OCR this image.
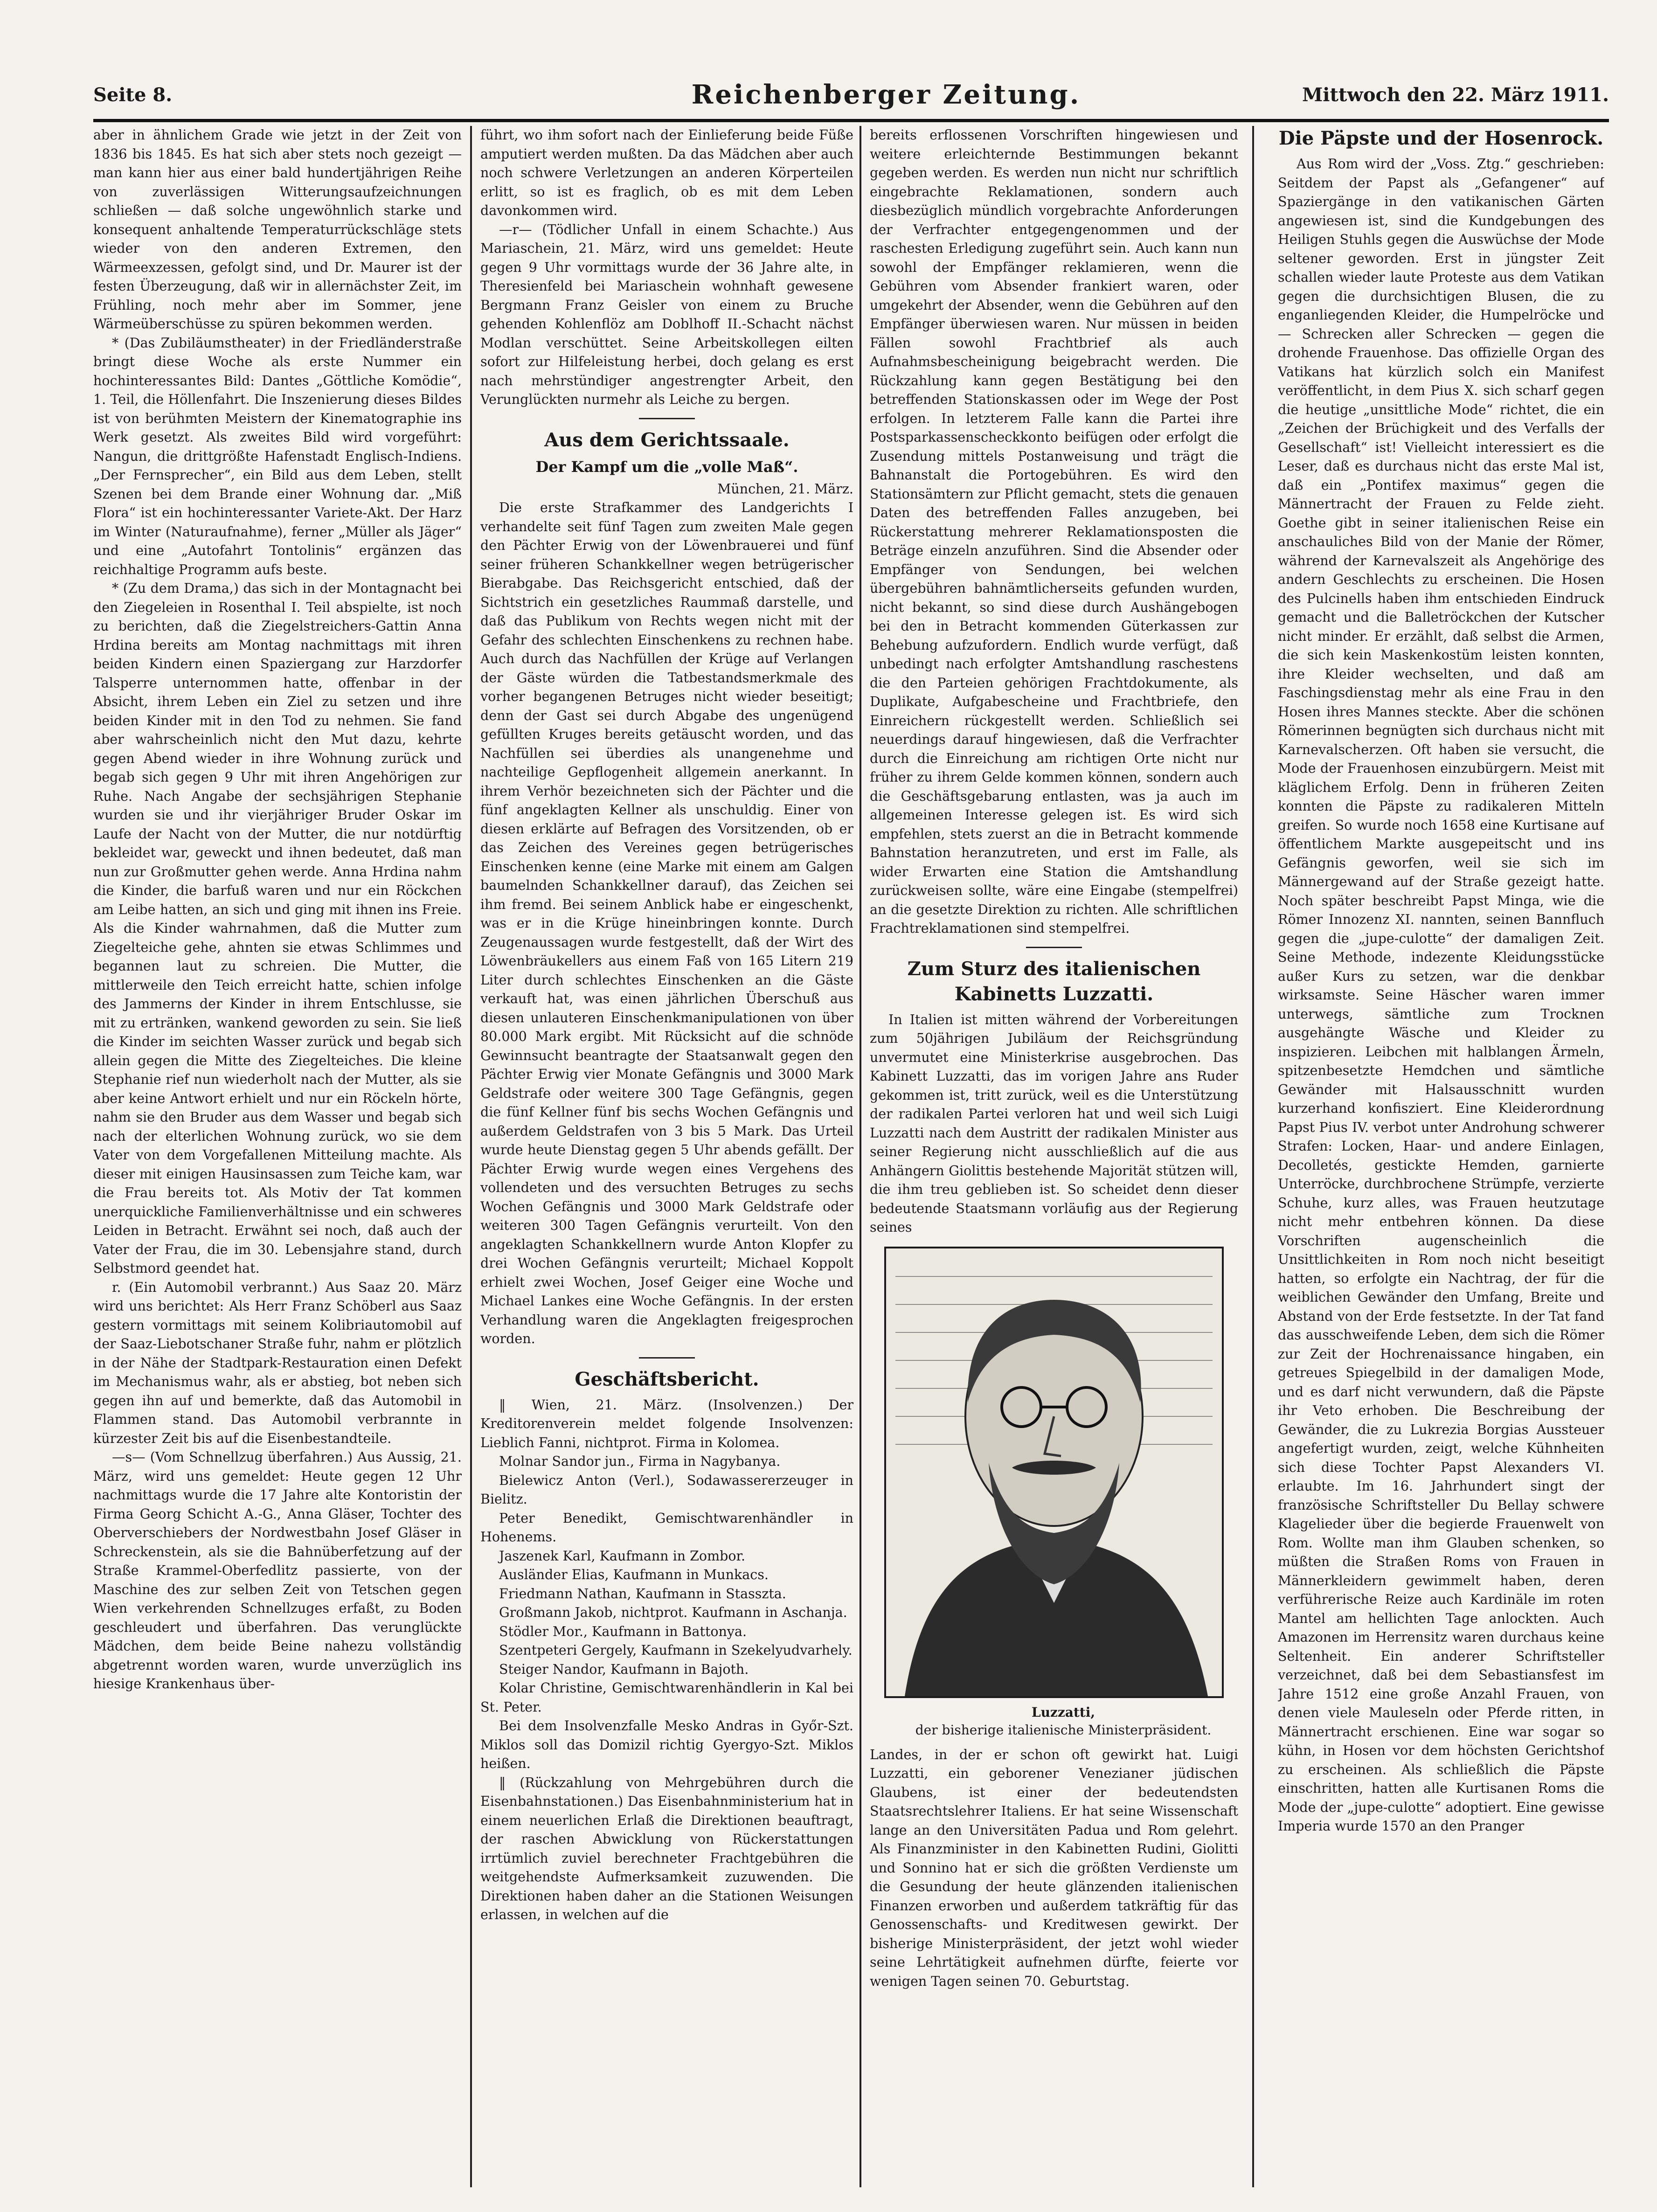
Seite 8.	Reichenberger Zeitung.	Mittwoch den 22. März 1911.

aber in ähnlichem Grade wie jetzt in der Zeit von 1836 bis 1845. Es hat sich aber stets noch gezeigt — man kann hier aus einer bald hundertjährigen Reihe von zuverlässigen Witterungsaufzeichnungen schließen — daß solche ungewöhnlich starke und konsequent anhaltende Temperaturrückschläge stets wieder von den anderen Extremen, den Wärmeexzessen, gefolgt sind, und Dr. Maurer ist der festen Überzeugung, daß wir in allernächster Zeit, im Frühling, noch mehr aber im Sommer, jene Wärmeüberschüsse zu spüren bekommen werden.

* (Das Zubiläumstheater) in der Friedländerstraße bringt diese Woche als erste Nummer ein hochinteressantes Bild: Dantes „Göttliche Komödie“, 1. Teil, die Höllenfahrt. Die Inszenierung dieses Bildes ist von berühmten Meistern der Kinematographie ins Werk gesetzt. Als zweites Bild wird vorgeführt: Nangun, die drittgrößte Hafenstadt Englisch-Indiens. „Der Fernsprecher“, ein Bild aus dem Leben, stellt Szenen bei dem Brande einer Wohnung dar. „Miß Flora“ ist ein hochinteressanter Variete-Akt. Der Harz im Winter (Naturaufnahme), ferner „Müller als Jäger“ und eine „Autofahrt Tontolinis“ ergänzen das reichhaltige Programm aufs beste.

* (Zu dem Drama,) das sich in der Montagnacht bei den Ziegeleien in Rosenthal I. Teil abspielte, ist noch zu berichten, daß die Ziegelstreichers-Gattin Anna Hrdina bereits am Montag nachmittags mit ihren beiden Kindern einen Spaziergang zur Harzdorfer Talsperre unternommen hatte, offenbar in der Absicht, ihrem Leben ein Ziel zu setzen und ihre beiden Kinder mit in den Tod zu nehmen. Sie fand aber wahrscheinlich nicht den Mut dazu, kehrte gegen Abend wieder in ihre Wohnung zurück und begab sich gegen 9 Uhr mit ihren Angehörigen zur Ruhe. Nach Angabe der sechsjährigen Stephanie wurden sie und ihr vierjähriger Bruder Oskar im Laufe der Nacht von der Mutter, die nur notdürftig bekleidet war, geweckt und ihnen bedeutet, daß man nun zur Großmutter gehen werde. Anna Hrdina nahm die Kinder, die barfuß waren und nur ein Röckchen am Leibe hatten, an sich und ging mit ihnen ins Freie. Als die Kinder wahrnahmen, daß die Mutter zum Ziegelteiche gehe, ahnten sie etwas Schlimmes und begannen laut zu schreien. Die Mutter, die mittlerweile den Teich erreicht hatte, schien infolge des Jammerns der Kinder in ihrem Entschlusse, sie mit zu ertränken, wankend geworden zu sein. Sie ließ die Kinder im seichten Wasser zurück und begab sich allein gegen die Mitte des Ziegelteiches. Die kleine Stephanie rief nun wiederholt nach der Mutter, als sie aber keine Antwort erhielt und nur ein Röckeln hörte, nahm sie den Bruder aus dem Wasser und begab sich nach der elterlichen Wohnung zurück, wo sie dem Vater von dem Vorgefallenen Mitteilung machte. Als dieser mit einigen Hausinsassen zum Teiche kam, war die Frau bereits tot. Als Motiv der Tat kommen unerquickliche Familienverhältnisse und ein schweres Leiden in Betracht. Erwähnt sei noch, daß auch der Vater der Frau, die im 30. Lebensjahre stand, durch Selbstmord geendet hat.

r. (Ein Automobil verbrannt.) Aus Saaz 20. März wird uns berichtet: Als Herr Franz Schöberl aus Saaz gestern vormittags mit seinem Kolibriautomobil auf der Saaz-Liebotschaner Straße fuhr, nahm er plötzlich in der Nähe der Stadtpark-Restauration einen Defekt im Mechanismus wahr, als er abstieg, bot neben sich gegen ihn auf und bemerkte, daß das Automobil in Flammen stand. Das Automobil verbrannte in kürzester Zeit bis auf die Eisenbestandteile.

—s— (Vom Schnellzug überfahren.) Aus Aussig, 21. März, wird uns gemeldet: Heute gegen 12 Uhr nachmittags wurde die 17 Jahre alte Kontoristin der Firma Georg Schicht A.-G., Anna Gläser, Tochter des Oberverschiebers der Nordwestbahn Josef Gläser in Schreckenstein, als sie die Bahnüberfetzung auf der Straße Krammel-Oberfedlitz passierte, von der Maschine des zur selben Zeit von Tetschen gegen Wien verkehrenden Schnellzuges erfaßt, zu Boden geschleudert und überfahren. Das verunglückte Mädchen, dem beide Beine nahezu vollständig abgetrennt worden waren, wurde unverzüglich ins hiesige Krankenhaus über-

führt, wo ihm sofort nach der Einlieferung beide Füße amputiert werden mußten. Da das Mädchen aber auch noch schwere Verletzungen an anderen Körperteilen erlitt, so ist es fraglich, ob es mit dem Leben davonkommen wird.

—r— (Tödlicher Unfall in einem Schachte.) Aus Mariaschein, 21. März, wird uns gemeldet: Heute gegen 9 Uhr vormittags wurde der 36 Jahre alte, in Theresienfeld bei Mariaschein wohnhaft gewesene Bergmann Franz Geisler von einem zu Bruche gehenden Kohlenflöz am Doblhoff II.-Schacht nächst Modlan verschüttet. Seine Arbeitskollegen eilten sofort zur Hilfeleistung herbei, doch gelang es erst nach mehrstündiger angestrengter Arbeit, den Verunglückten nurmehr als Leiche zu bergen.

Aus dem Gerichtssaale.

Der Kampf um die „volle Maß“.

München, 21. März.

Die erste Strafkammer des Landgerichts I verhandelte seit fünf Tagen zum zweiten Male gegen den Pächter Erwig von der Löwenbrauerei und fünf seiner früheren Schankkellner wegen betrügerischer Bierabgabe. Das Reichsgericht entschied, daß der Sichtstrich ein gesetzliches Raummaß darstelle, und daß das Publikum von Rechts wegen nicht mit der Gefahr des schlechten Einschenkens zu rechnen habe. Auch durch das Nachfüllen der Krüge auf Verlangen der Gäste würden die Tatbestandsmerkmale des vorher begangenen Betruges nicht wieder beseitigt; denn der Gast sei durch Abgabe des ungenügend gefüllten Kruges bereits getäuscht worden, und das Nachfüllen sei überdies als unangenehme und nachteilige Gepflogenheit allgemein anerkannt. In ihrem Verhör bezeichneten sich der Pächter und die fünf angeklagten Kellner als unschuldig. Einer von diesen erklärte auf Befragen des Vorsitzenden, ob er das Zeichen des Vereines gegen betrügerisches Einschenken kenne (eine Marke mit einem am Galgen baumelnden Schankkellner darauf), das Zeichen sei ihm fremd. Bei seinem Anblick habe er eingeschenkt, was er in die Krüge hineinbringen konnte. Durch Zeugenaussagen wurde festgestellt, daß der Wirt des Löwenbräukellers aus einem Faß von 165 Litern 219 Liter durch schlechtes Einschenken an die Gäste verkauft hat, was einen jährlichen Überschuß aus diesen unlauteren Einschenkmanipulationen von über 80.000 Mark ergibt. Mit Rücksicht auf die schnöde Gewinnsucht beantragte der Staatsanwalt gegen den Pächter Erwig vier Monate Gefängnis und 3000 Mark Geldstrafe oder weitere 300 Tage Gefängnis, gegen die fünf Kellner fünf bis sechs Wochen Gefängnis und außerdem Geldstrafen von 3 bis 5 Mark. Das Urteil wurde heute Dienstag gegen 5 Uhr abends gefällt. Der Pächter Erwig wurde wegen eines Vergehens des vollendeten und des versuchten Betruges zu sechs Wochen Gefängnis und 3000 Mark Geldstrafe oder weiteren 300 Tagen Gefängnis verurteilt. Von den angeklagten Schankkellnern wurde Anton Klopfer zu drei Wochen Gefängnis verurteilt; Michael Koppolt erhielt zwei Wochen, Josef Geiger eine Woche und Michael Lankes eine Woche Gefängnis. In der ersten Verhandlung waren die Angeklagten freigesprochen worden.

Geschäftsbericht.

‖ Wien, 21. März. (Insolvenzen.) Der Kreditorenverein meldet folgende Insolvenzen: Lieblich Fanni, nichtprot. Firma in Kolomea.

Molnar Sandor jun., Firma in Nagybanya.

Bielewicz Anton (Verl.), Sodawassererzeuger in Bielitz.

Peter Benedikt, Gemischtwarenhändler in Hohenems.

Jaszenek Karl, Kaufmann in Zombor.

Ausländer Elias, Kaufmann in Munkacs.

Friedmann Nathan, Kaufmann in Stasszta.

Großmann Jakob, nichtprot. Kaufmann in Aschanja.

Stödler Mor., Kaufmann in Battonya.

Szentpeteri Gergely, Kaufmann in Szekelyudvarhely.

Steiger Nandor, Kaufmann in Bajoth.

Kolar Christine, Gemischtwarenhändlerin in Kal bei St. Peter.

Bei dem Insolvenzfalle Mesko Andras in Győr-Szt. Miklos soll das Domizil richtig Gyergyo-Szt. Miklos heißen.

‖ (Rückzahlung von Mehrgebühren durch die Eisenbahnstationen.) Das Eisenbahnministerium hat in einem neuerlichen Erlaß die Direktionen beauftragt, der raschen Abwicklung von Rückerstattungen irrtümlich zuviel berechneter Frachtgebühren die weitgehendste Aufmerksamkeit zuzuwenden. Die Direktionen haben daher an die Stationen Weisungen erlassen, in welchen auf die

bereits erflossenen Vorschriften hingewiesen und weitere erleichternde Bestimmungen bekannt gegeben werden. Es werden nun nicht nur schriftlich eingebrachte Reklamationen, sondern auch diesbezüglich mündlich vorgebrachte Anforderungen der Verfrachter entgegengenommen und der raschesten Erledigung zugeführt sein. Auch kann nun sowohl der Empfänger reklamieren, wenn die Gebühren vom Absender frankiert waren, oder umgekehrt der Absender, wenn die Gebühren auf den Empfänger überwiesen waren. Nur müssen in beiden Fällen sowohl Frachtbrief als auch Aufnahmsbescheinigung beigebracht werden. Die Rückzahlung kann gegen Bestätigung bei den betreffenden Stationskassen oder im Wege der Post erfolgen. In letzterem Falle kann die Partei ihre Postsparkassenscheckkonto beifügen oder erfolgt die Zusendung mittels Postanweisung und trägt die Bahnanstalt die Portogebühren. Es wird den Stationsämtern zur Pflicht gemacht, stets die genauen Daten des betreffenden Falles anzugeben, bei Rückerstattung mehrerer Reklamationsposten die Beträge einzeln anzuführen. Sind die Absender oder Empfänger von Sendungen, bei welchen übergebühren bahnämtlicherseits gefunden wurden, nicht bekannt, so sind diese durch Aushängebogen bei den in Betracht kommenden Güterkassen zur Behebung aufzufordern. Endlich wurde verfügt, daß unbedingt nach erfolgter Amtshandlung raschestens die den Parteien gehörigen Frachtdokumente, als Duplikate, Aufgabescheine und Frachtbriefe, den Einreichern rückgestellt werden. Schließlich sei neuerdings darauf hingewiesen, daß die Verfrachter durch die Einreichung am richtigen Orte nicht nur früher zu ihrem Gelde kommen können, sondern auch die Geschäftsgebarung entlasten, was ja auch im allgemeinen Interesse gelegen ist. Es wird sich empfehlen, stets zuerst an die in Betracht kommende Bahnstation heranzutreten, und erst im Falle, als wider Erwarten eine Station die Amtshandlung zurückweisen sollte, wäre eine Eingabe (stempelfrei) an die gesetzte Direktion zu richten. Alle schriftlichen Frachtreklamationen sind stempelfrei.

Zum Sturz des italienischen Kabinetts Luzzatti.

In Italien ist mitten während der Vorbereitungen zum 50jährigen Jubiläum der Reichsgründung unvermutet eine Ministerkrise ausgebrochen. Das Kabinett Luzzatti, das im vorigen Jahre ans Ruder gekommen ist, tritt zurück, weil es die Unterstützung der radikalen Partei verloren hat und weil sich Luigi Luzzatti nach dem Austritt der radikalen Minister aus seiner Regierung nicht ausschließlich auf die aus Anhängern Giolittis bestehende Majorität stützen will, die ihm treu geblieben ist. So scheidet denn dieser bedeutende Staatsmann vorläufig aus der Regierung seines

Luzzatti,

der bisherige italienische Ministerpräsident.

Landes, in der er schon oft gewirkt hat. Luigi Luzzatti, ein geborener Venezianer jüdischen Glaubens, ist einer der bedeutendsten Staatsrechtslehrer Italiens. Er hat seine Wissenschaft lange an den Universitäten Padua und Rom gelehrt. Als Finanzminister in den Kabinetten Rudini, Giolitti und Sonnino hat er sich die größten Verdienste um die Gesundung der heute glänzenden italienischen Finanzen erworben und außerdem tatkräftig für das Genossenschafts- und Kreditwesen gewirkt. Der bisherige Ministerpräsident, der jetzt wohl wieder seine Lehrtätigkeit aufnehmen dürfte, feierte vor wenigen Tagen seinen 70. Geburtstag.

Die Päpste und der Hosenrock.

Aus Rom wird der „Voss. Ztg.“ geschrieben: Seitdem der Papst als „Gefangener“ auf Spaziergänge in den vatikanischen Gärten angewiesen ist, sind die Kundgebungen des Heiligen Stuhls gegen die Auswüchse der Mode seltener geworden. Erst in jüngster Zeit schallen wieder laute Proteste aus dem Vatikan gegen die durchsichtigen Blusen, die zu enganliegenden Kleider, die Humpelröcke und — Schrecken aller Schrecken — gegen die drohende Frauenhose. Das offizielle Organ des Vatikans hat kürzlich solch ein Manifest veröffentlicht, in dem Pius X. sich scharf gegen die heutige „unsittliche Mode“ richtet, die ein „Zeichen der Brüchigkeit und des Verfalls der Gesellschaft“ ist! Vielleicht interessiert es die Leser, daß es durchaus nicht das erste Mal ist, daß ein „Pontifex maximus“ gegen die Männertracht der Frauen zu Felde zieht. Goethe gibt in seiner italienischen Reise ein anschauliches Bild von der Manie der Römer, während der Karnevalszeit als Angehörige des andern Geschlechts zu erscheinen. Die Hosen des Pulcinells haben ihm entschieden Eindruck gemacht und die Balletröckchen der Kutscher nicht minder. Er erzählt, daß selbst die Armen, die sich kein Maskenkostüm leisten konnten, ihre Kleider wechselten, und daß am Faschingsdienstag mehr als eine Frau in den Hosen ihres Mannes steckte. Aber die schönen Römerinnen begnügten sich durchaus nicht mit Karnevalscherzen. Oft haben sie versucht, die Mode der Frauenhosen einzubürgern. Meist mit kläglichem Erfolg. Denn in früheren Zeiten konnten die Päpste zu radikaleren Mitteln greifen. So wurde noch 1658 eine Kurtisane auf öffentlichem Markte ausgepeitscht und ins Gefängnis geworfen, weil sie sich im Männergewand auf der Straße gezeigt hatte. Noch später beschreibt Papst Minga, wie die Römer Innozenz XI. nannten, seinen Bannfluch gegen die „jupe-culotte“ der damaligen Zeit. Seine Methode, indezente Kleidungsstücke außer Kurs zu setzen, war die denkbar wirksamste. Seine Häscher waren immer unterwegs, sämtliche zum Trocknen ausgehängte Wäsche und Kleider zu inspizieren. Leibchen mit halblangen Ärmeln, spitzenbesetzte Hemdchen und sämtliche Gewänder mit Halsausschnitt wurden kurzerhand konfisziert. Eine Kleiderordnung Papst Pius IV. verbot unter Androhung schwerer Strafen: Locken, Haar- und andere Einlagen, Decolletés, gestickte Hemden, garnierte Unterröcke, durchbrochene Strümpfe, verzierte Schuhe, kurz alles, was Frauen heutzutage nicht mehr entbehren können. Da diese Vorschriften augenscheinlich die Unsittlichkeiten in Rom noch nicht beseitigt hatten, so erfolgte ein Nachtrag, der für die weiblichen Gewänder den Umfang, Breite und Abstand von der Erde festsetzte. In der Tat fand das ausschweifende Leben, dem sich die Römer zur Zeit der Hochrenaissance hingaben, ein getreues Spiegelbild in der damaligen Mode, und es darf nicht verwundern, daß die Päpste ihr Veto erhoben. Die Beschreibung der Gewänder, die zu Lukrezia Borgias Aussteuer angefertigt wurden, zeigt, welche Kühnheiten sich diese Tochter Papst Alexanders VI. erlaubte. Im 16. Jahrhundert singt der französische Schriftsteller Du Bellay schwere Klagelieder über die begierde Frauenwelt von Rom. Wollte man ihm Glauben schenken, so müßten die Straßen Roms von Frauen in Männerkleidern gewimmelt haben, deren verführerische Reize auch Kardinäle im roten Mantel am hellichten Tage anlockten. Auch Amazonen im Herrensitz waren durchaus keine Seltenheit. Ein anderer Schriftsteller verzeichnet, daß bei dem Sebastiansfest im Jahre 1512 eine große Anzahl Frauen, von denen viele Mauleseln oder Pferde ritten, in Männertracht erschienen. Eine war sogar so kühn, in Hosen vor dem höchsten Gerichtshof zu erscheinen. Als schließlich die Päpste einschritten, hatten alle Kurtisanen Roms die Mode der „jupe-culotte“ adoptiert. Eine gewisse Imperia wurde 1570 an den Pranger
